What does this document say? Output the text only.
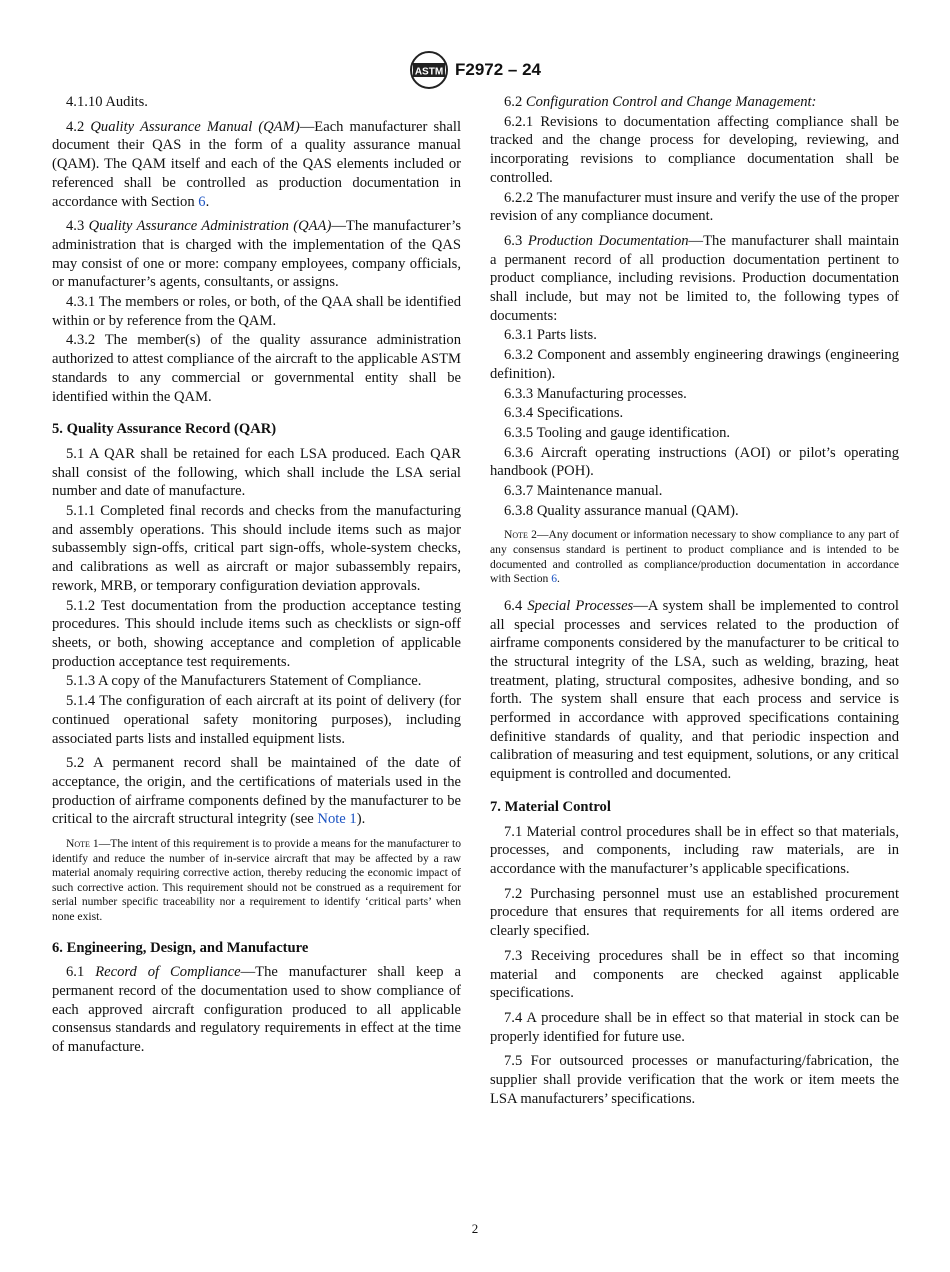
ASTM F2972 – 24

4.1.10 Audits.

4.2 Quality Assurance Manual (QAM)—Each manufacturer shall document their QAS in the form of a quality assurance manual (QAM). The QAM itself and each of the QAS elements included or referenced shall be controlled as production documentation in accordance with Section 6.

4.3 Quality Assurance Administration (QAA)—The manufacturer’s administration that is charged with the implementation of the QAS may consist of one or more: company employees, company officials, or manufacturer’s agents, consultants, or assigns.

4.3.1 The members or roles, or both, of the QAA shall be identified within or by reference from the QAM.

4.3.2 The member(s) of the quality assurance administration authorized to attest compliance of the aircraft to the applicable ASTM standards to any commercial or governmental entity shall be identified within the QAM.

5. Quality Assurance Record (QAR)

5.1 A QAR shall be retained for each LSA produced. Each QAR shall consist of the following, which shall include the LSA serial number and date of manufacture.

5.1.1 Completed final records and checks from the manufacturing and assembly operations. This should include items such as major subassembly sign-offs, critical part sign-offs, whole-system checks, and calibrations as well as aircraft or major subassembly repairs, rework, MRB, or temporary configuration deviation approvals.

5.1.2 Test documentation from the production acceptance testing procedures. This should include items such as checklists or sign-off sheets, or both, showing acceptance and completion of applicable production acceptance test requirements.

5.1.3 A copy of the Manufacturers Statement of Compliance.

5.1.4 The configuration of each aircraft at its point of delivery (for continued operational safety monitoring purposes), including associated parts lists and installed equipment lists.

5.2 A permanent record shall be maintained of the date of acceptance, the origin, and the certifications of materials used in the production of airframe components defined by the manufacturer to be critical to the aircraft structural integrity (see Note 1).

Note 1—The intent of this requirement is to provide a means for the manufacturer to identify and reduce the number of in-service aircraft that may be affected by a raw material anomaly requiring corrective action, thereby reducing the economic impact of such corrective action. This requirement should not be construed as a requirement for serial number specific traceability nor a requirement to identify ‘critical parts’ when none exist.

6. Engineering, Design, and Manufacture

6.1 Record of Compliance—The manufacturer shall keep a permanent record of the documentation used to show compliance of each approved aircraft configuration produced to all applicable consensus standards and regulatory requirements in effect at the time of manufacture.

6.2 Configuration Control and Change Management:

6.2.1 Revisions to documentation affecting compliance shall be tracked and the change process for developing, reviewing, and incorporating revisions to compliance documentation shall be controlled.

6.2.2 The manufacturer must insure and verify the use of the proper revision of any compliance document.

6.3 Production Documentation—The manufacturer shall maintain a permanent record of all production documentation pertinent to product compliance, including revisions. Production documentation shall include, but may not be limited to, the following types of documents:

6.3.1 Parts lists.

6.3.2 Component and assembly engineering drawings (engineering definition).

6.3.3 Manufacturing processes.

6.3.4 Specifications.

6.3.5 Tooling and gauge identification.

6.3.6 Aircraft operating instructions (AOI) or pilot’s operating handbook (POH).

6.3.7 Maintenance manual.

6.3.8 Quality assurance manual (QAM).

Note 2—Any document or information necessary to show compliance to any part of any consensus standard is pertinent to product compliance and is intended to be documented and controlled as compliance/production documentation in accordance with Section 6.

6.4 Special Processes—A system shall be implemented to control all special processes and services related to the production of airframe components considered by the manufacturer to be critical to the structural integrity of the LSA, such as welding, brazing, heat treatment, plating, structural composites, adhesive bonding, and so forth. The system shall ensure that each process and service is performed in accordance with approved specifications containing definitive standards of quality, and that periodic inspection and calibration of measuring and test equipment, solutions, or any critical equipment is controlled and documented.

7. Material Control

7.1 Material control procedures shall be in effect so that materials, processes, and components, including raw materials, are in accordance with the manufacturer’s applicable specifications.

7.2 Purchasing personnel must use an established procurement procedure that ensures that requirements for all items ordered are clearly specified.

7.3 Receiving procedures shall be in effect so that incoming material and components are checked against applicable specifications.

7.4 A procedure shall be in effect so that material in stock can be properly identified for future use.

7.5 For outsourced processes or manufacturing/fabrication, the supplier shall provide verification that the work or item meets the LSA manufacturers’ specifications.

2
